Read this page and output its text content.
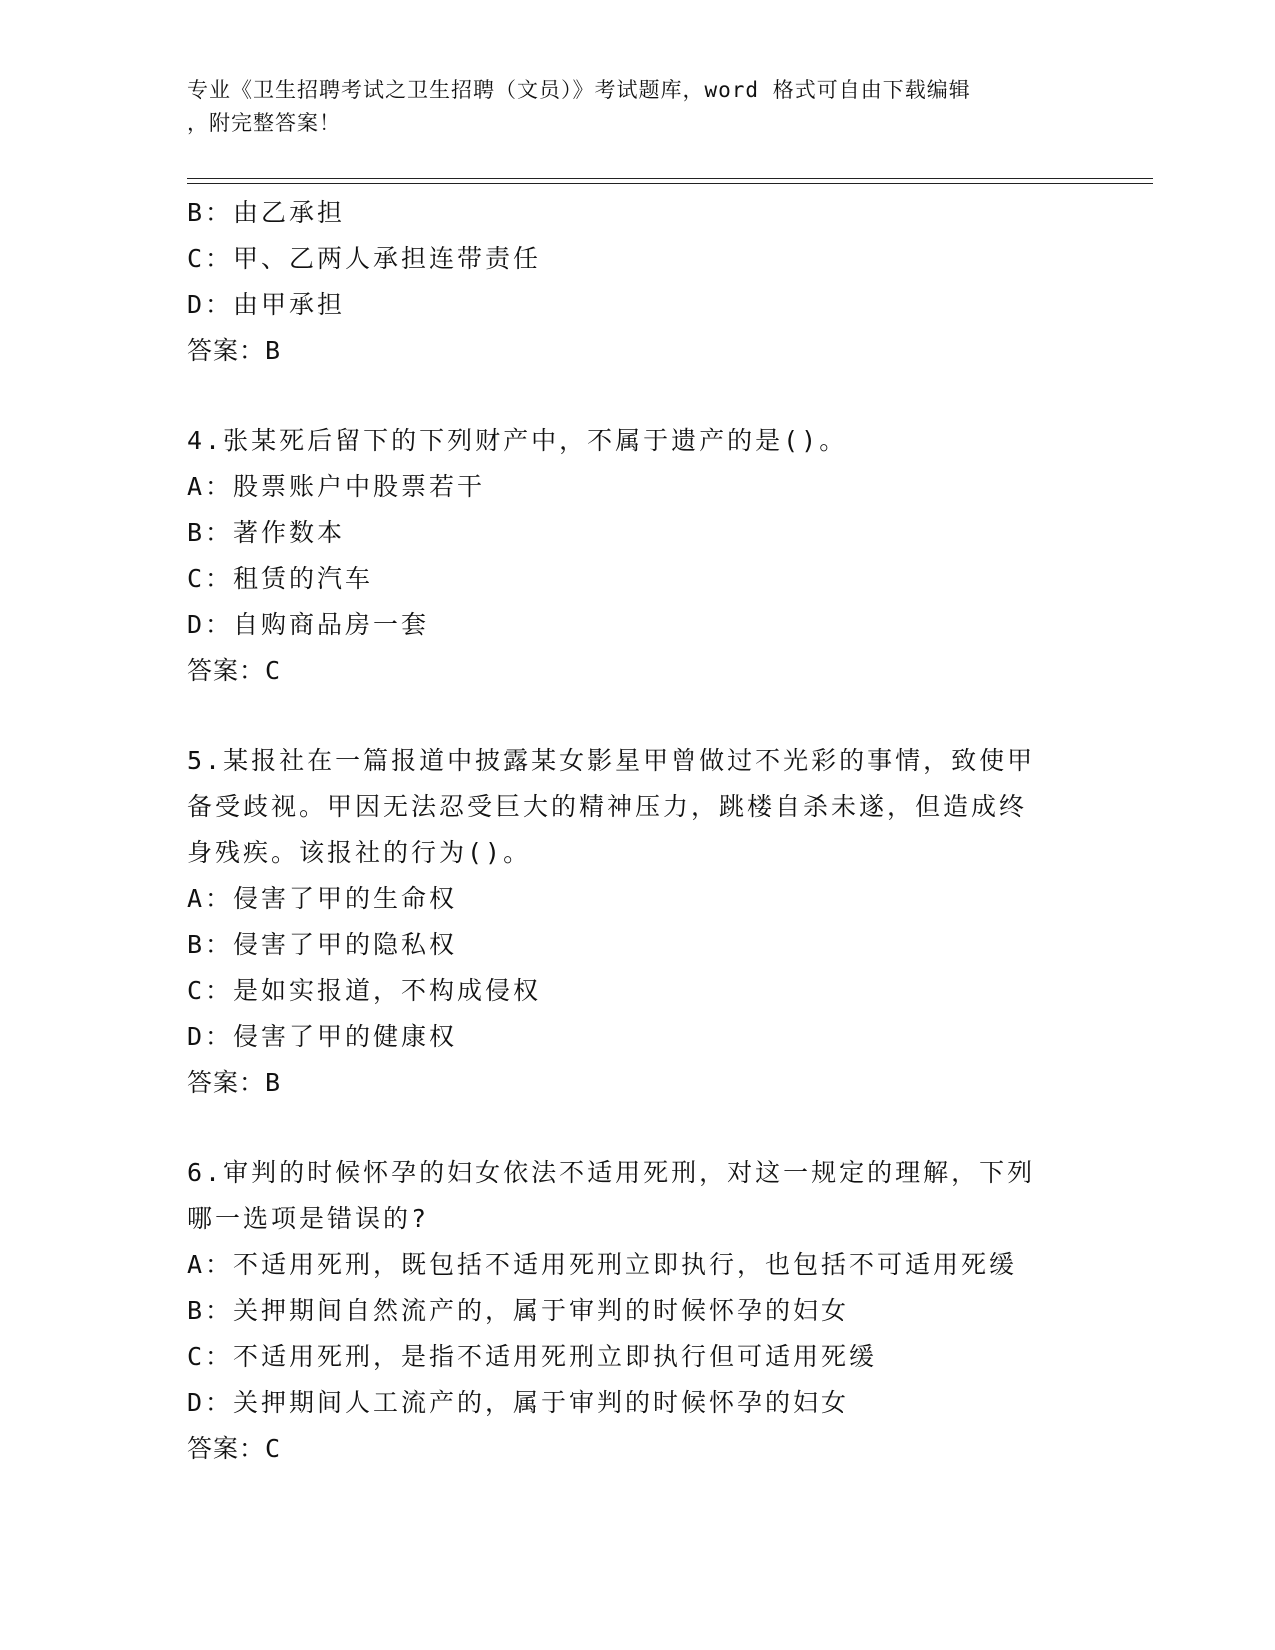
专业《卫生招聘考试之卫生招聘（文员）》考试题库，word 格式可自由下载编辑
，附完整答案！
B：由乙承担
C：甲、乙两人承担连带责任
D：由甲承担
答案：B
4.张某死后留下的下列财产中，不属于遗产的是()。
A：股票账户中股票若干
B：著作数本
C：租赁的汽车
D：自购商品房一套
答案：C
5.某报社在一篇报道中披露某女影星甲曾做过不光彩的事情，致使甲
备受歧视。甲因无法忍受巨大的精神压力，跳楼自杀未遂，但造成终
身残疾。该报社的行为()。
A：侵害了甲的生命权
B：侵害了甲的隐私权
C：是如实报道，不构成侵权
D：侵害了甲的健康权
答案：B
6.审判的时候怀孕的妇女依法不适用死刑，对这一规定的理解，下列
哪一选项是错误的?
A：不适用死刑，既包括不适用死刑立即执行，也包括不可适用死缓
B：关押期间自然流产的，属于审判的时候怀孕的妇女
C：不适用死刑，是指不适用死刑立即执行但可适用死缓
D：关押期间人工流产的，属于审判的时候怀孕的妇女
答案：C
